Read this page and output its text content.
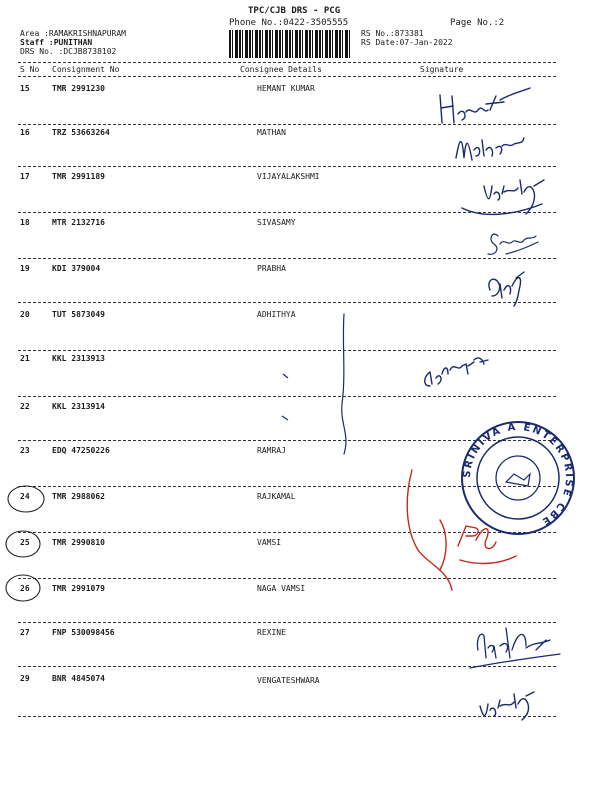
TPC/CJB DRS - PCG
Phone No.:0422-3505555	Page No.:2
Area :RAMAKRISHNAPURAM
Staff :PUNITHAN
DRS No. :DCJB8738102
RS No.:873381
RS Date:07-Jan-2022
S No Consignment No	Consignee Details	Signature
15	TMR 2991230	HEMANT KUMAR
16	TRZ 53663264	MATHAN
17	TMR 2991189	VIJAYALAKSHMI
18	MTR 2132716	SIVASAMY
19	KDI 379004	PRABHA
20	TUT 5873049	ADHITHYA
21	KKL 2313913
22	KKL 2313914
23	EDQ 47250226	RAMRAJ
24	TMR 2988062	RAJKAMAL
25	TMR 2990810	VAMSI
26	TMR 2991079	NAGA VAMSI
27	FNP 530098456	REXINE
29	BNR 4845074	VENGATESHWARA
SRINIVA A ENTERPRISE CBE
